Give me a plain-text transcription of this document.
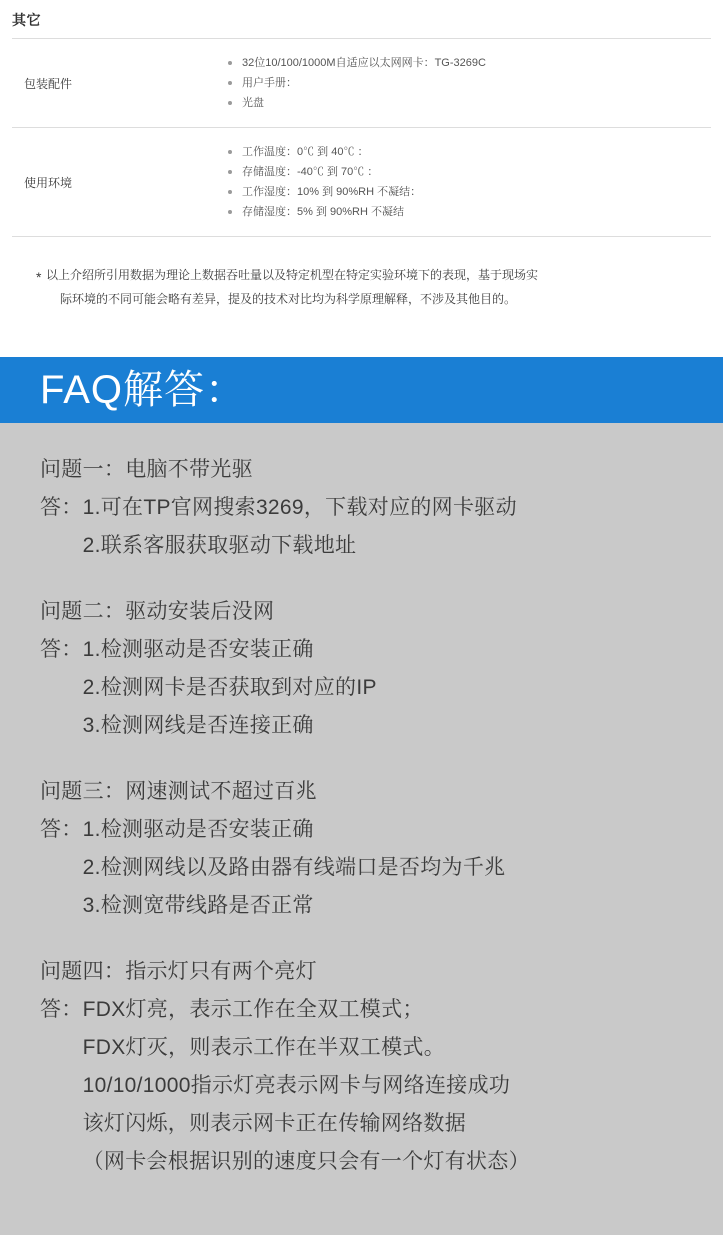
其它
包装配件	
32位10/100/1000M自适应以太网网卡：TG-3269C
用户手册：
光盘

使用环境	
工作温度：0℃ 到 40℃ ：
存储温度：-40℃ 到 70℃ ：
工作湿度：10% 到 90%RH 不凝结：
存储湿度：5% 到 90%RH 不凝结
* 以上介绍所引用数据为理论上数据吞吐量以及特定机型在特定实验环境下的表现，基于现场实
际环境的不同可能会略有差异，提及的技术对比均为科学原理解释，不涉及其他目的。
FAQ解答：
问题一：电脑不带光驱
答： 1.可在TP官网搜索3269，下载对应的网卡驱动
2.联系客服获取驱动下载地址
问题二：驱动安装后没网
答： 1.检测驱动是否安装正确
2.检测网卡是否获取到对应的IP
3.检测网线是否连接正确
问题三：网速测试不超过百兆
答： 1.检测驱动是否安装正确
2.检测网线以及路由器有线端口是否均为千兆
3.检测宽带线路是否正常
问题四：指示灯只有两个亮灯
答： FDX灯亮，表示工作在全双工模式；
FDX灯灭，则表示工作在半双工模式。
10/10/1000指示灯亮表示网卡与网络连接成功
该灯闪烁，则表示网卡正在传输网络数据
（网卡会根据识别的速度只会有一个灯有状态）
